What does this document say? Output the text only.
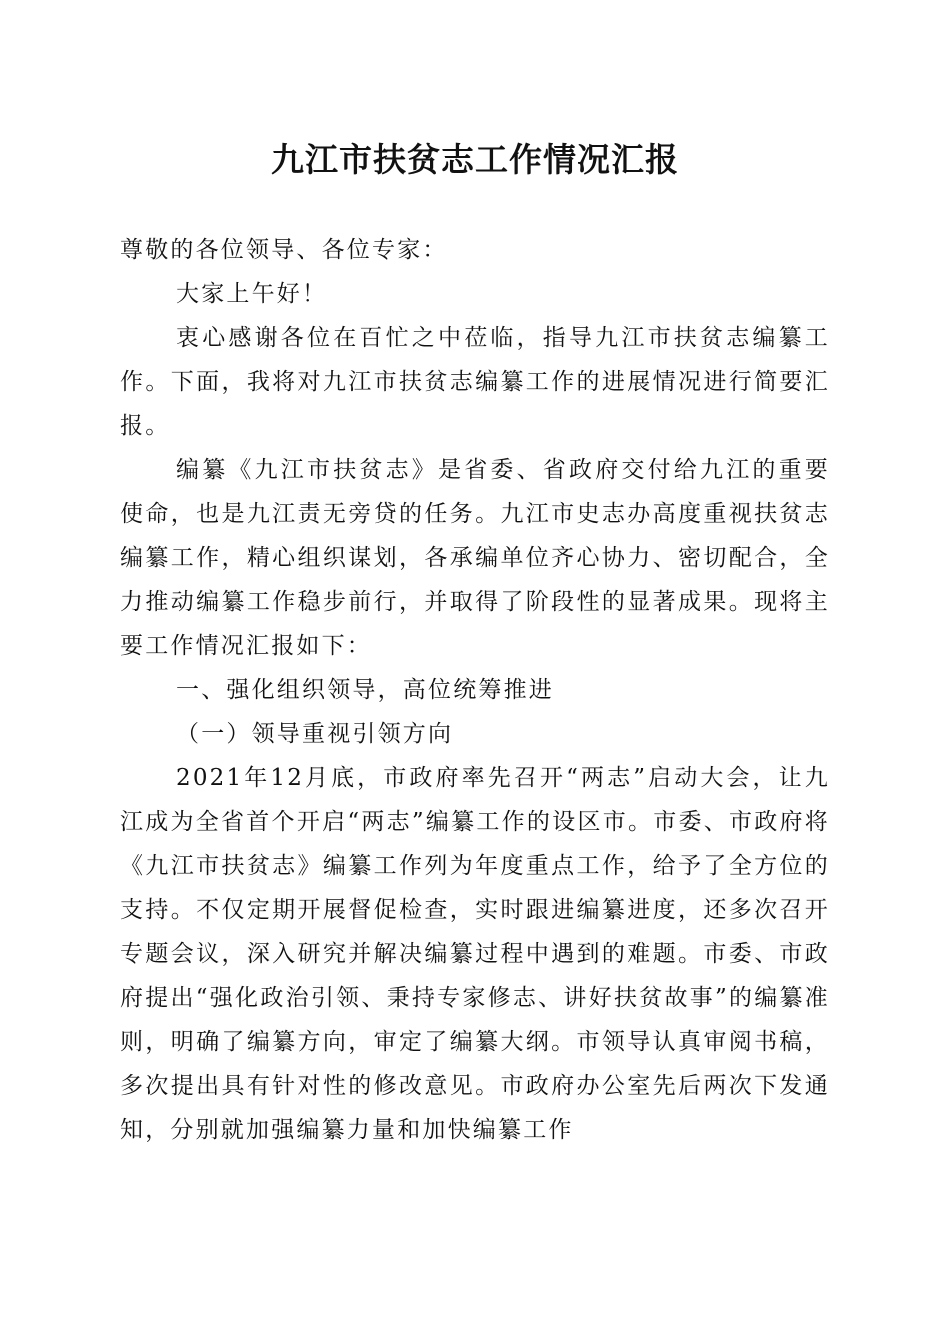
九江市扶贫志工作情况汇报

尊敬的各位领导、各位专家：

大家上午好！

衷心感谢各位在百忙之中莅临，指导九江市扶贫志编纂工作。下面，我将对九江市扶贫志编纂工作的进展情况进行简要汇报。

编纂《九江市扶贫志》是省委、省政府交付给九江的重要使命，也是九江责无旁贷的任务。九江市史志办高度重视扶贫志编纂工作，精心组织谋划，各承编单位齐心协力、密切配合，全力推动编纂工作稳步前行，并取得了阶段性的显著成果。现将主要工作情况汇报如下：

一、强化组织领导，高位统筹推进

（一）领导重视引领方向

2021年12月底，市政府率先召开“两志”启动大会，让九江成为全省首个开启“两志”编纂工作的设区市。市委、市政府将《九江市扶贫志》编纂工作列为年度重点工作，给予了全方位的支持。不仅定期开展督促检查，实时跟进编纂进度，还多次召开专题会议，深入研究并解决编纂过程中遇到的难题。市委、市政府提出“强化政治引领、秉持专家修志、讲好扶贫故事”的编纂准则，明确了编纂方向，审定了编纂大纲。市领导认真审阅书稿，多次提出具有针对性的修改意见。市政府办公室先后两次下发通知，分别就加强编纂力量和加快编纂工作
